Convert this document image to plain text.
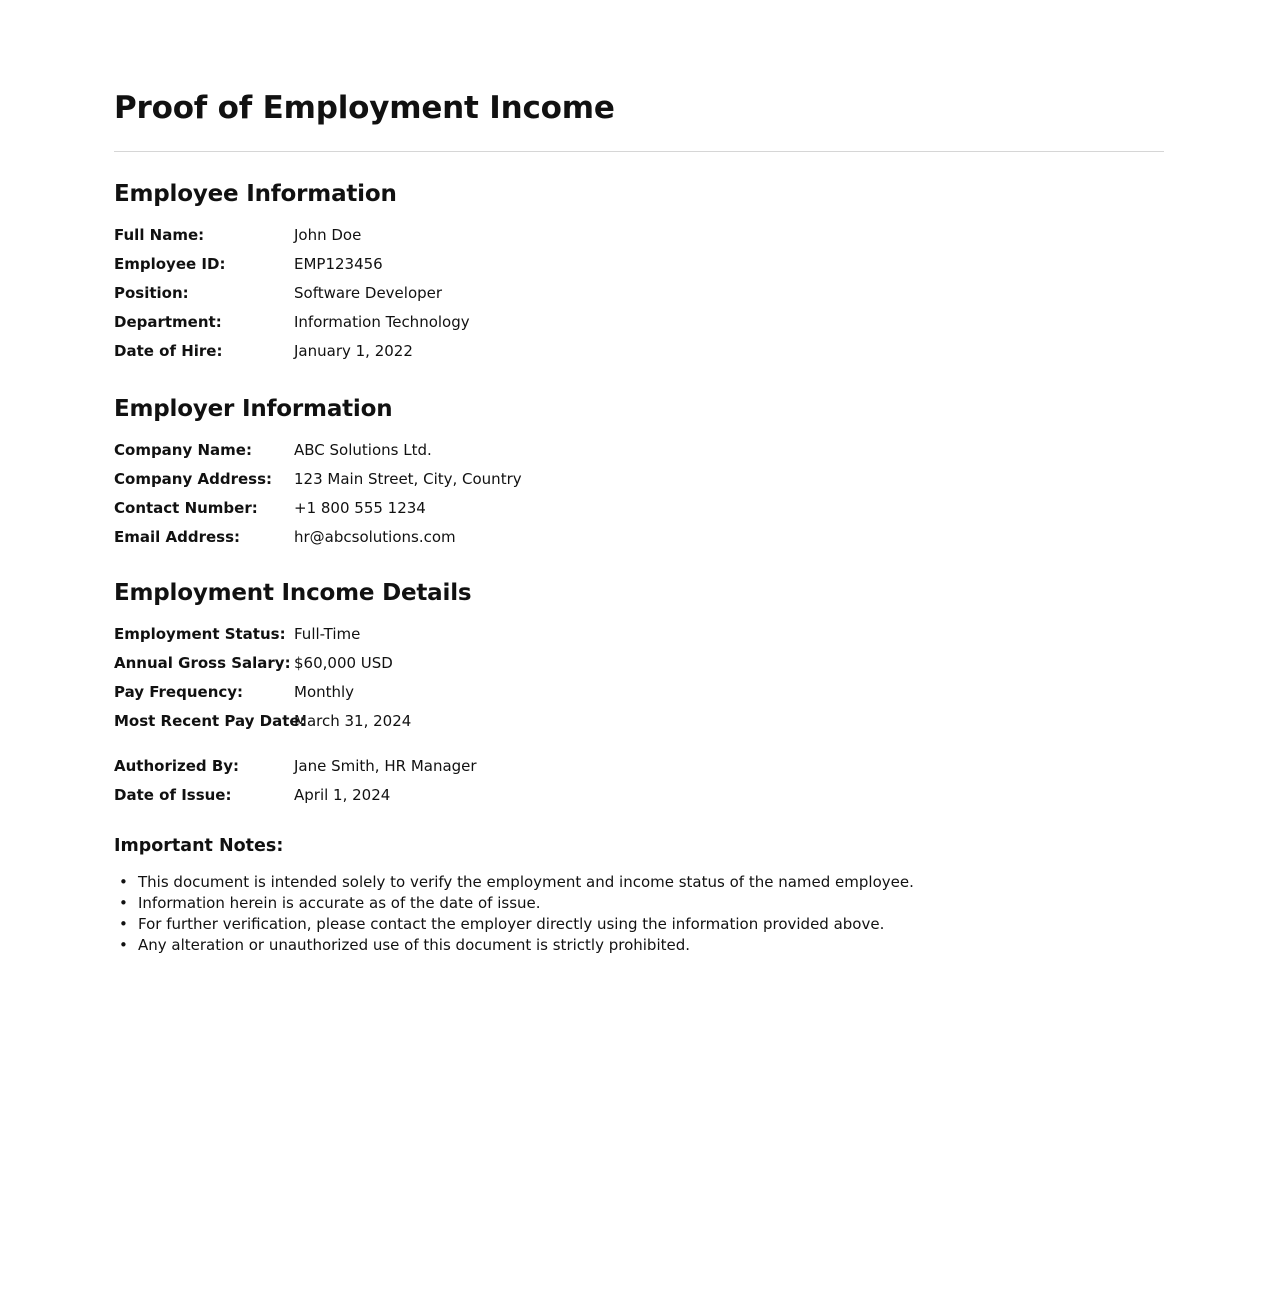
Proof of Employment Income
Employee Information
Full Name:	John Doe
Employee ID:	EMP123456
Position:	Software Developer
Department:	Information Technology
Date of Hire:	January 1, 2022
Employer Information
Company Name:	ABC Solutions Ltd.
Company Address:	123 Main Street, City, Country
Contact Number:	+1 800 555 1234
Email Address:	hr@abcsolutions.com
Employment Income Details
Employment Status: Full-Time
Annual Gross Salary: $60,000 USD
Pay Frequency:	Monthly
Most Recent Pay Date:
March 31, 2024
Authorized By:	Jane Smith, HR Manager
Date of Issue:	April 1, 2024
Important Notes:
• This document is intended solely to verify the employment and income status of the named employee.
• Information herein is accurate as of the date of issue.
• For further verification, please contact the employer directly using the information provided above.
• Any alteration or unauthorized use of this document is strictly prohibited.
